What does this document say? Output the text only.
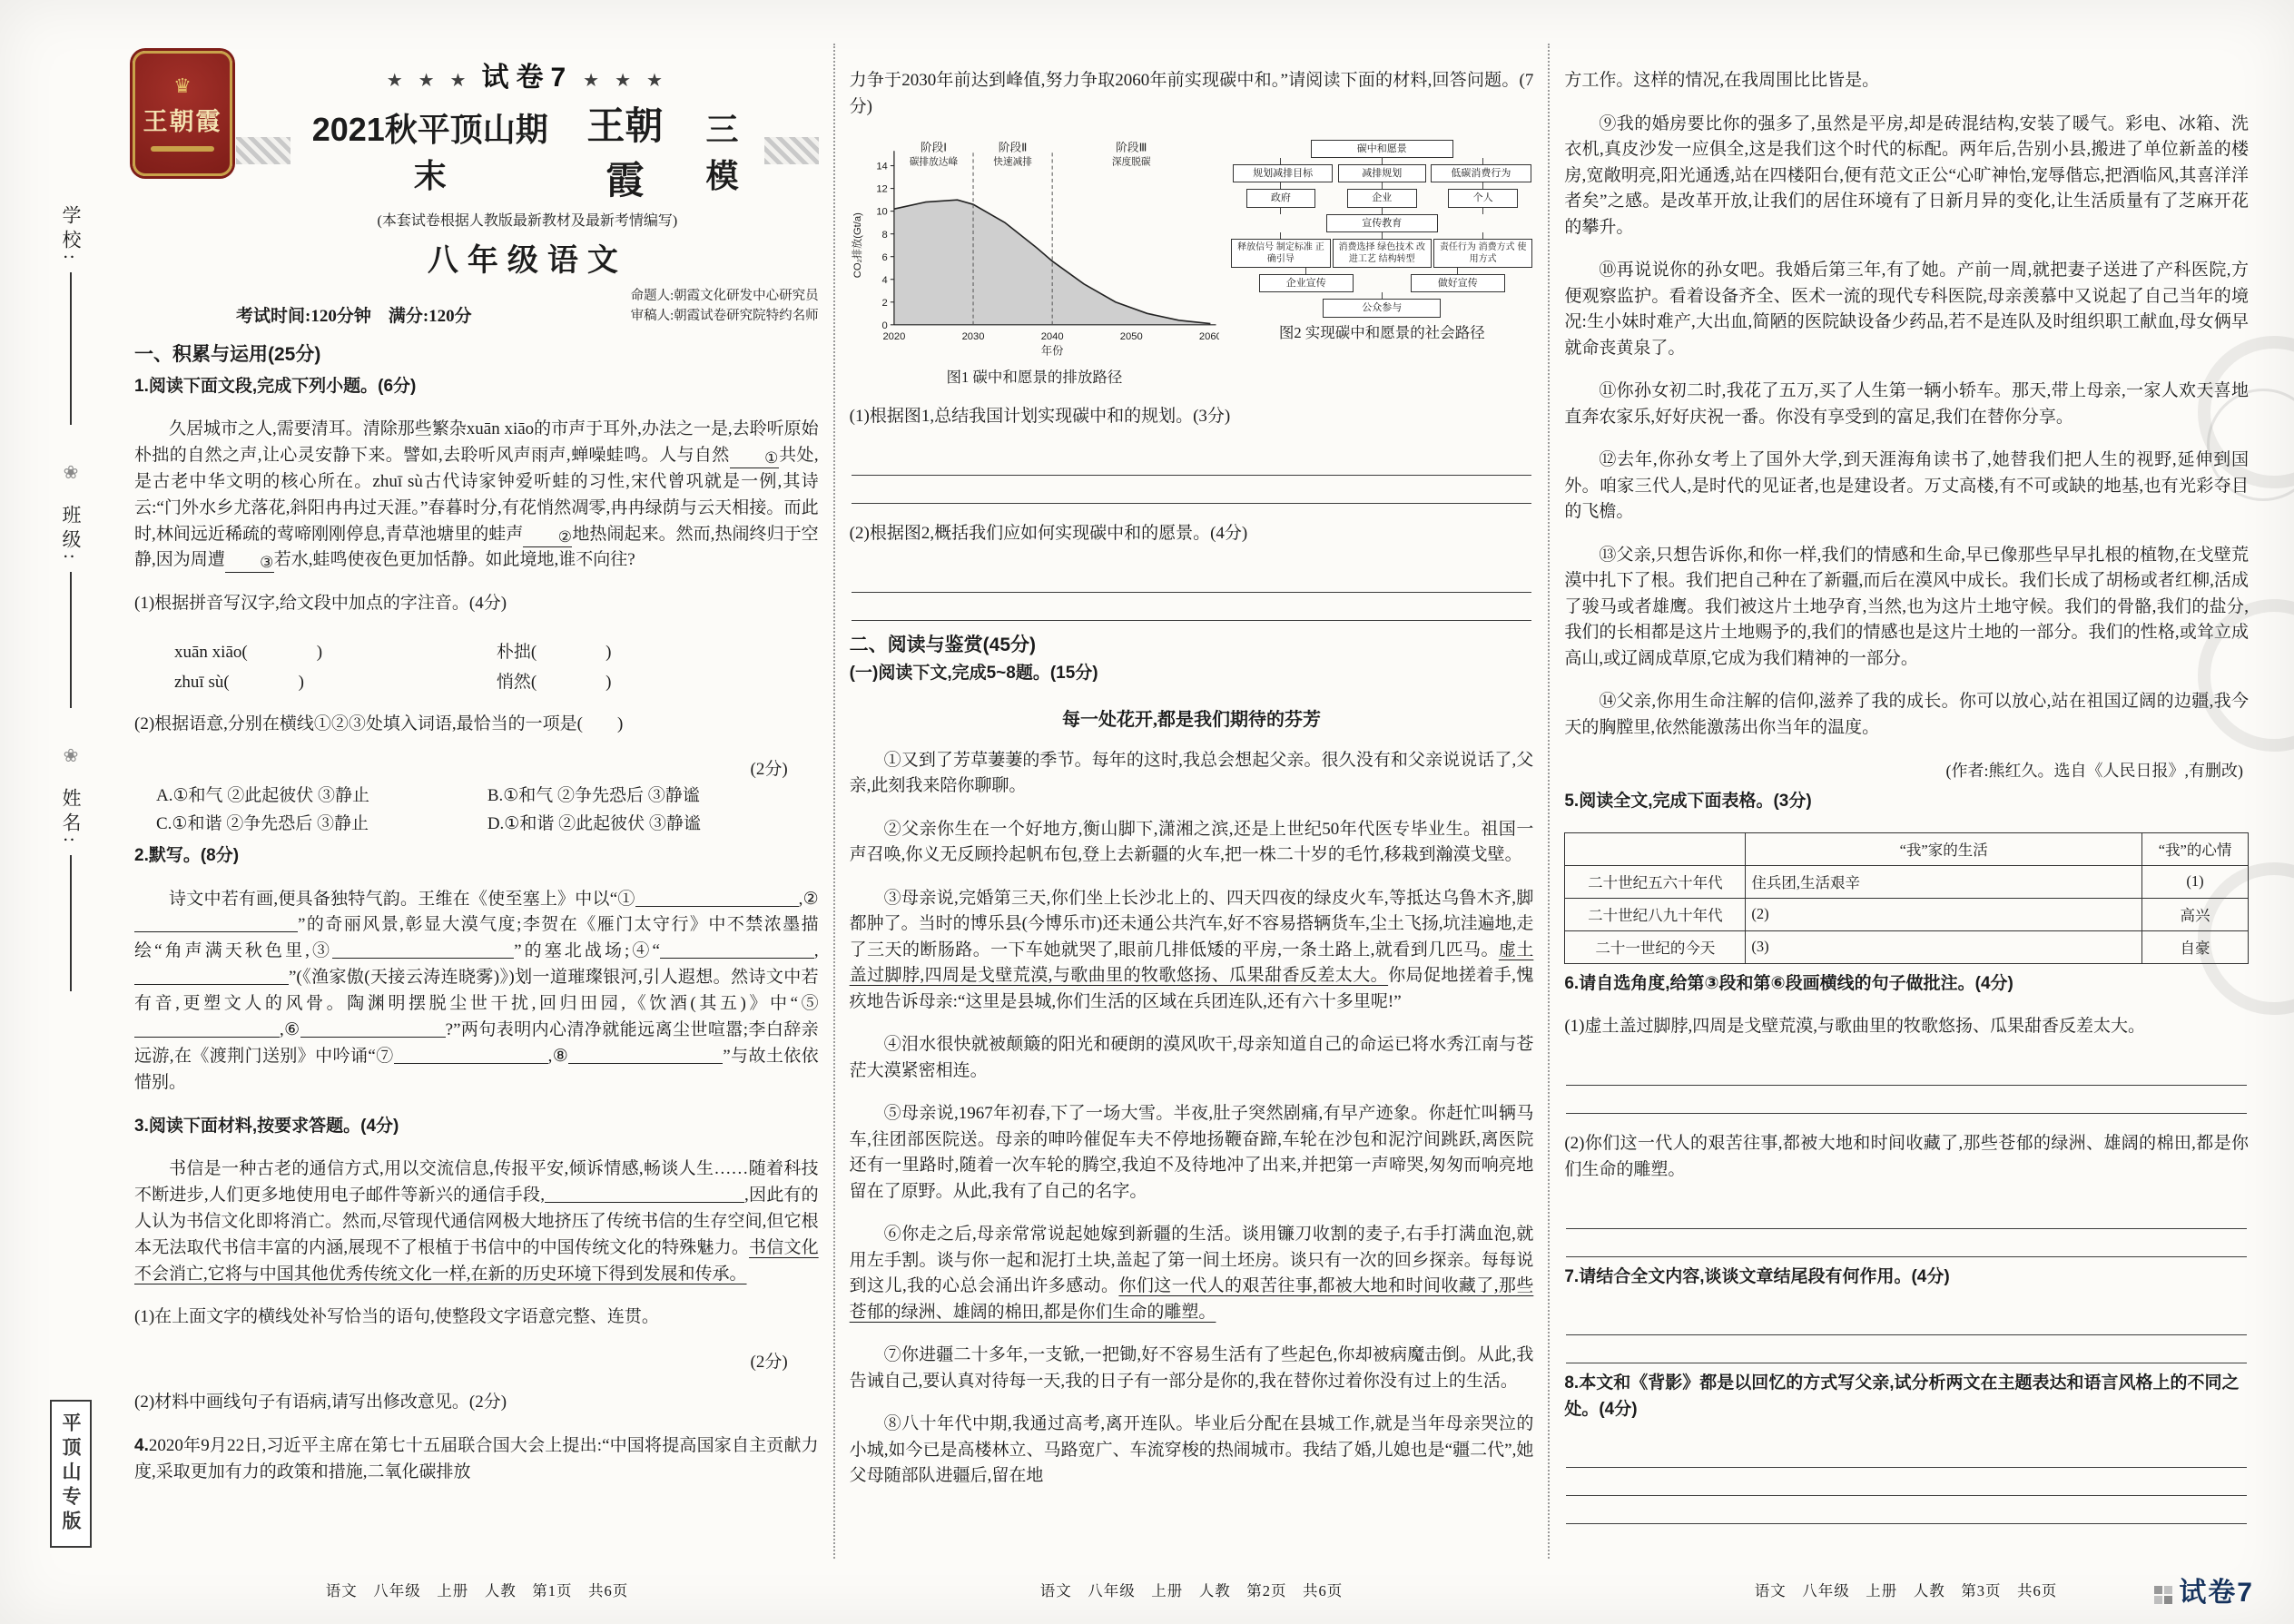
学校:
❀
班级:
❀
姓名:
平顶山专版
♛
王朝霞
★ ★ ★ 试卷7 ★ ★ ★
2021秋平顶山期末
王朝霞
三模
(本套试卷根据人教版最新教材及最新考情编写)
八年级语文
考试时间:120分钟　满分:120分
命题人:朝霞文化研发中心研究员
审稿人:朝霞试卷研究院特约名师
一、积累与运用(25分)

1.阅读下面文段,完成下列小题。(6分)

久居城市之人,需要清耳。清除那些繁杂xuān xiāo的市声于耳外,办法之一是,去聆听原始朴拙的自然之声,让心灵安静下来。譬如,去聆听风声雨声,蝉噪蛙鸣。人与自然 ①共处,是古老中华文明的核心所在。zhuī sù古代诗家钟爱听蛙的习性,宋代曾巩就是一例,其诗云:“门外水乡尤落花,斜阳冉冉过天涯。”春暮时分,有花悄然凋零,冉冉绿荫与云天相接。而此时,林间远近稀疏的莺啼刚刚停息,青草池塘里的蛙声 ②地热闹起来。然而,热闹终归于空静,因为周遭 ③若水,蛙鸣使夜色更加恬静。如此境地,谁不向往?

(1)根据拼音写汉字,给文段中加点的字注音。(4分)

xuān xiāo(　　　　)	朴拙(　　　　)
zhuī sù(　　　　)	悄然(　　　　)

(2)根据语意,分别在横线①②③处填入词语,最恰当的一项是(　　)

(2分)
A.①和气 ②此起彼伏 ③静止	B.①和气 ②争先恐后 ③静谧
C.①和谐 ②争先恐后 ③静止	D.①和谐 ②此起彼伏 ③静谧

2.默写。(8分)

诗文中若有画,便具备独特气韵。王维在《使至塞上》中以“①	,②”的奇丽风景,彰显大漠气度;李贺在《雁门太守行》中不禁浓墨描绘“角声满天秋色里,③	”的塞北战场;④“	,”(《渔家傲(天接云涛连晓雾)》)划一道璀璨银河,引人遐想。然诗文中若有音,更塑文人的风骨。陶渊明摆脱尘世干扰,回归田园,《饮酒(其五)》中“⑤,⑥	?”两句表明内心清净就能远离尘世喧嚣;李白辞亲远游,在《渡荆门送别》中吟诵“⑦	,⑧	”与故土依依惜别。

3.阅读下面材料,按要求答题。(4分)

书信是一种古老的通信方式,用以交流信息,传报平安,倾诉情感,畅谈人生……随着科技不断进步,人们更多地使用电子邮件等新兴的通信手段,	,因此有的人认为书信文化即将消亡。然而,尽管现代通信网极大地挤压了传统书信的生存空间,但它根本无法取代书信丰富的内涵,展现不了根植于书信中的中国传统文化的特殊魅力。书信文化不会消亡,它将与中国其他优秀传统文化一样,在新的历史环境下得到发展和传承。

(1)在上面文字的横线处补写恰当的语句,使整段文字语意完整、连贯。

(2分)

(2)材料中画线句子有语病,请写出修改意见。(2分)

4.2020年9月22日,习近平主席在第七十五届联合国大会上提出:“中国将提高国家自主贡献力度,采取更加有力的政策和措施,二氧化碳排放

力争于2030年前达到峰值,努力争取2060年前实现碳中和。”请阅读下面的材料,回答问题。(7分)

0
2
4
6
8
10
12
14
2020	2030	2040	2050	2060
阶段Ⅰ
碳排放达峰
阶段Ⅱ
快速减排
阶段Ⅲ
深度脱碳
年份
CO₂排放(Gt/a)
图1 碳中和愿景的排放路径
碳中和愿景
规划减排目标	减排规划	低碳消费行为
政府	企业	个人
宣传教育
释放信号 制定标准 正确引导
消费选择 绿色技术 改进工艺 结构转型
责任行为 消费方式 使用方式
企业宣传	做好宣传
公众参与
图2 实现碳中和愿景的社会路径

(1)根据图1,总结我国计划实现碳中和的规划。(3分)

(2)根据图2,概括我们应如何实现碳中和的愿景。(4分)

二、阅读与鉴赏(45分)

(一)阅读下文,完成5~8题。(15分)

每一处花开,都是我们期待的芬芳

①又到了芳草萋萋的季节。每年的这时,我总会想起父亲。很久没有和父亲说说话了,父亲,此刻我来陪你聊聊。

②父亲你生在一个好地方,衡山脚下,潇湘之滨,还是上世纪50年代医专毕业生。祖国一声召唤,你义无反顾拎起帆布包,登上去新疆的火车,把一株二十岁的毛竹,移栽到瀚漠戈壁。

③母亲说,完婚第三天,你们坐上长沙北上的、四天四夜的绿皮火车,等抵达乌鲁木齐,脚都肿了。当时的博乐县(今博乐市)还未通公共汽车,好不容易搭辆货车,尘土飞扬,坑洼遍地,走了三天的断肠路。一下车她就哭了,眼前几排低矮的平房,一条土路上,就看到几匹马。虚土盖过脚脖,四周是戈壁荒漠,与歌曲里的牧歌悠扬、瓜果甜香反差太大。你局促地搓着手,愧疚地告诉母亲:“这里是县城,你们生活的区域在兵团连队,还有六十多里呢!”

④泪水很快就被颠簸的阳光和硬朗的漠风吹干,母亲知道自己的命运已将水秀江南与苍茫大漠紧密相连。

⑤母亲说,1967年初春,下了一场大雪。半夜,肚子突然剧痛,有早产迹象。你赶忙叫辆马车,往团部医院送。母亲的呻吟催促车夫不停地扬鞭奋蹄,车轮在沙包和泥泞间跳跃,离医院还有一里路时,随着一次车轮的腾空,我迫不及待地冲了出来,并把第一声啼哭,匆匆而响亮地留在了原野。从此,我有了自己的名字。

⑥你走之后,母亲常常说起她嫁到新疆的生活。谈用镰刀收割的麦子,右手打满血泡,就用左手割。谈与你一起和泥打土块,盖起了第一间土坯房。谈只有一次的回乡探亲。每每说到这儿,我的心总会涌出许多感动。你们这一代人的艰苦往事,都被大地和时间收藏了,那些苍郁的绿洲、雄阔的棉田,都是你们生命的雕塑。

⑦你进疆二十多年,一支锨,一把锄,好不容易生活有了些起色,你却被病魔击倒。从此,我告诫自己,要认真对待每一天,我的日子有一部分是你的,我在替你过着你没有过上的生活。

⑧八十年代中期,我通过高考,离开连队。毕业后分配在县城工作,就是当年母亲哭泣的小城,如今已是高楼林立、马路宽广、车流穿梭的热闹城市。我结了婚,儿媳也是“疆二代”,她父母随部队进疆后,留在地

方工作。这样的情况,在我周围比比皆是。

⑨我的婚房要比你的强多了,虽然是平房,却是砖混结构,安装了暖气。彩电、冰箱、洗衣机,真皮沙发一应俱全,这是我们这个时代的标配。两年后,告别小县,搬进了单位新盖的楼房,宽敞明亮,阳光通透,站在四楼阳台,便有范文正公“心旷神怡,宠辱偕忘,把酒临风,其喜洋洋者矣”之感。是改革开放,让我们的居住环境有了日新月异的变化,让生活质量有了芝麻开花的攀升。

⑩再说说你的孙女吧。我婚后第三年,有了她。产前一周,就把妻子送进了产科医院,方便观察监护。看着设备齐全、医术一流的现代专科医院,母亲羡慕中又说起了自己当年的境况:生小妹时难产,大出血,简陋的医院缺设备少药品,若不是连队及时组织职工献血,母女俩早就命丧黄泉了。

⑪你孙女初二时,我花了五万,买了人生第一辆小轿车。那天,带上母亲,一家人欢天喜地直奔农家乐,好好庆祝一番。你没有享受到的富足,我们在替你分享。

⑫去年,你孙女考上了国外大学,到天涯海角读书了,她替我们把人生的视野,延伸到国外。咱家三代人,是时代的见证者,也是建设者。万丈高楼,有不可或缺的地基,也有光彩夺目的飞檐。

⑬父亲,只想告诉你,和你一样,我们的情感和生命,早已像那些早早扎根的植物,在戈壁荒漠中扎下了根。我们把自己种在了新疆,而后在漠风中成长。我们长成了胡杨或者红柳,活成了骏马或者雄鹰。我们被这片土地孕育,当然,也为这片土地守候。我们的骨骼,我们的盐分,我们的长相都是这片土地赐予的,我们的情感也是这片土地的一部分。我们的性格,或耸立成高山,或辽阔成草原,它成为我们精神的一部分。

⑭父亲,你用生命注解的信仰,滋养了我的成长。你可以放心,站在祖国辽阔的边疆,我今天的胸膛里,依然能激荡出你当年的温度。

(作者:熊红久。选自《人民日报》,有删改)

5.阅读全文,完成下面表格。(3分)

	“我”家的生活	“我”的心情
二十世纪五六十年代	住兵团,生活艰辛	(1)
二十世纪八九十年代	(2)	高兴
二十一世纪的今天	(3)	自豪

6.请自选角度,给第③段和第⑥段画横线的句子做批注。(4分)

(1)虚土盖过脚脖,四周是戈壁荒漠,与歌曲里的牧歌悠扬、瓜果甜香反差太大。

(2)你们这一代人的艰苦往事,都被大地和时间收藏了,那些苍郁的绿洲、雄阔的棉田,都是你们生命的雕塑。

7.请结合全文内容,谈谈文章结尾段有何作用。(4分)

8.本文和《背影》都是以回忆的方式写父亲,试分析两文在主题表达和语言风格上的不同之处。(4分)

语文　八年级　上册　人教　第1页　共6页	语文　八年级　上册　人教　第2页　共6页	语文　八年级　上册　人教　第3页　共6页	试卷7
